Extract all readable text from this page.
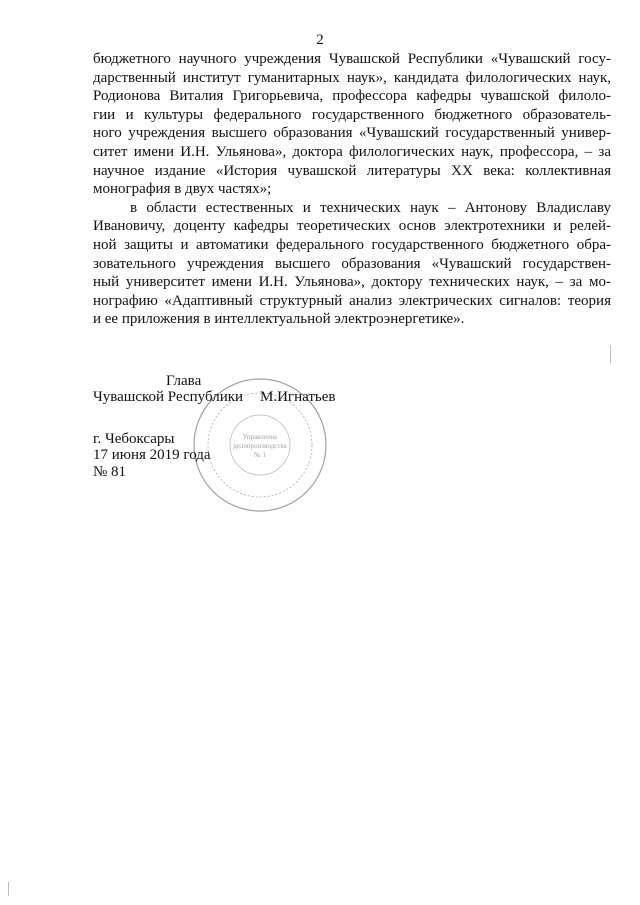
2
бюджетного научного учреждения Чувашской Республики «Чувашский госу-
дарственный институт гуманитарных наук», кандидата филологических наук,
Родионова Виталия Григорьевича, профессора кафедры чувашской филоло-
гии и культуры федерального государственного бюджетного образователь-
ного учреждения высшего образования «Чувашский государственный универ-
ситет имени И.Н. Ульянова», доктора филологических наук, профессора, – за
научное издание «История чувашской литературы XX века: коллективная
монография в двух частях»;
в области естественных и технических наук – Антонову Владиславу
Ивановичу, доценту кафедры теоретических основ электротехники и релей-
ной защиты и автоматики федерального государственного бюджетного обра-
зовательного учреждения высшего образования «Чувашский государствен-
ный университет имени И.Н. Ульянова», доктору технических наук, – за мо-
нографию «Адаптивный структурный анализ электрических сигналов: теория
и ее приложения в интеллектуальной электроэнергетике».
Управление
делопроизводства
№ 1
Глава
Чувашской Республики М.Игнатьев
г. Чебоксары
17 июня 2019 года
№ 81
